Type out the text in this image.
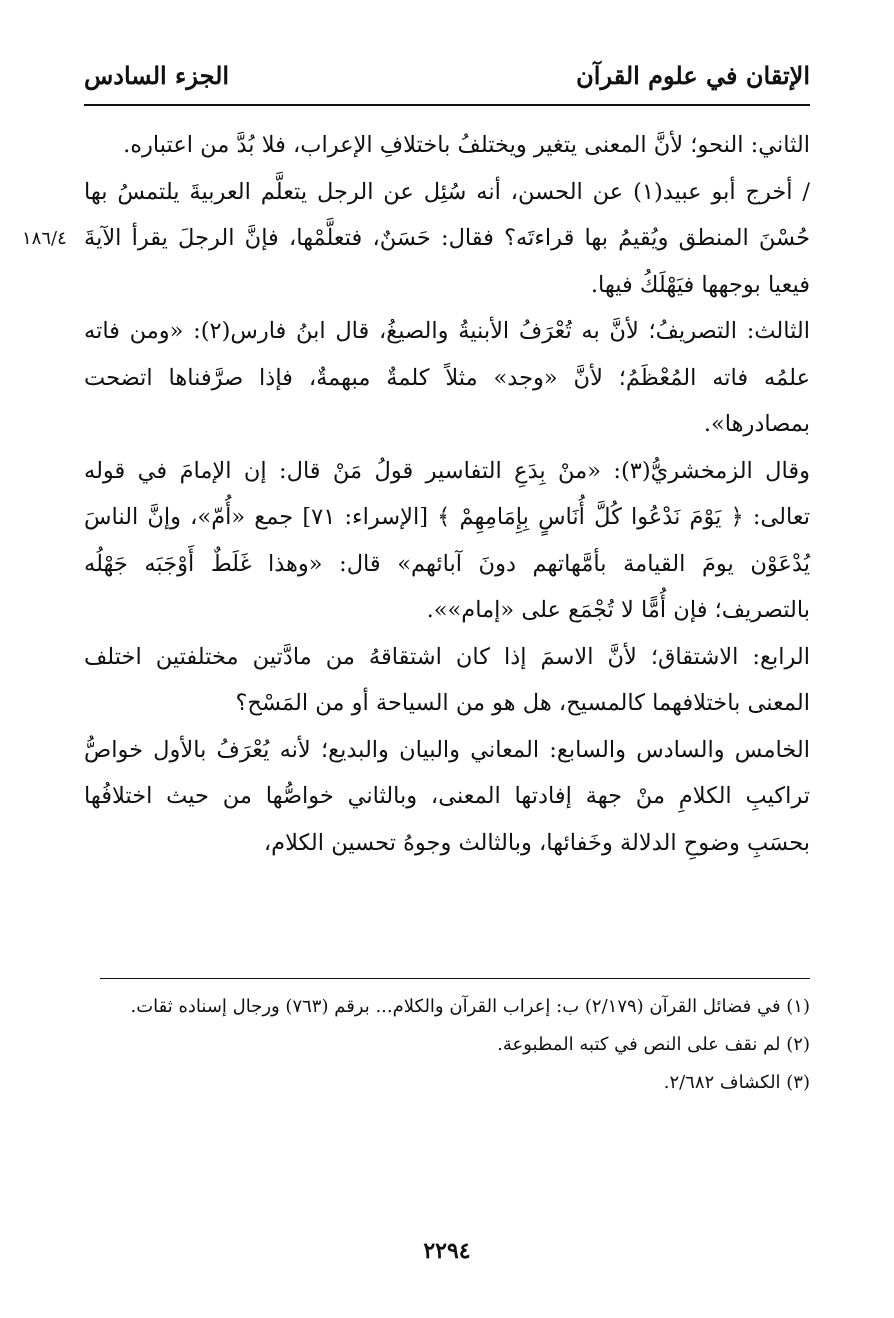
الإتقان في علوم القرآن
الجزء السادس
١٨٦/٤

الثاني: النحو؛ لأنَّ المعنى يتغير ويختلفُ باختلافِ الإعراب، فلا بُدَّ من اعتباره.

/ أخرج أبو عبيد(١) عن الحسن، أنه سُئِل عن الرجل يتعلَّم العربيةَ يلتمسُ بها حُسْنَ المنطق ويُقيمُ بها قراءتَه؟ فقال: حَسَنٌ، فتعلَّمْها، فإنَّ الرجلَ يقرأ الآيةَ فيعيا بوجهها فيَهْلَكُ فيها.

الثالث: التصريفُ؛ لأنَّ به تُعْرَفُ الأبنيةُ والصيغُ، قال ابنُ فارس(٢): «ومن فاته علمُه فاته المُعْظَمُ؛ لأنَّ «وجد» مثلاً كلمةٌ مبهمةٌ، فإذا صرَّفناها اتضحت بمصادرها».

وقال الزمخشريُّ(٣): «منْ بِدَعِ التفاسير قولُ مَنْ قال: إن الإمامَ في قوله تعالى: ﴿ يَوْمَ نَدْعُوا كُلَّ أُنَاسٍ بِإِمَامِهِمْ ﴾ [الإسراء: ٧١] جمع «أُمّ»، وإنَّ الناسَ يُدْعَوْن يومَ القيامة بأمَّهاتهم دونَ آبائهم» قال: «وهذا غَلَطٌ أَوْجَبَه جَهْلُه بالتصريف؛ فإن أُمًّا لا تُجْمَع على «إمام»».

الرابع: الاشتقاق؛ لأنَّ الاسمَ إذا كان اشتقاقهُ من مادَّتين مختلفتين اختلف المعنى باختلافهما كالمسيح، هل هو من السياحة أو من المَسْح؟

الخامس والسادس والسابع: المعاني والبيان والبديع؛ لأنه يُعْرَفُ بالأول خواصُّ تراكيبِ الكلامِ منْ جهة إفادتها المعنى، وبالثاني خواصُّها من حيث اختلافُها بحسَبِ وضوحِ الدلالة وخَفائها، وبالثالث وجوهُ تحسين الكلام،

(١) في فضائل القرآن (٢/١٧٩) ب: إعراب القرآن والكلام... برقم (٧٦٣) ورجال إسناده ثقات.

(٢) لم نقف على النص في كتبه المطبوعة.

(٣) الكشاف ٢/٦٨٢.

٢٢٩٤
